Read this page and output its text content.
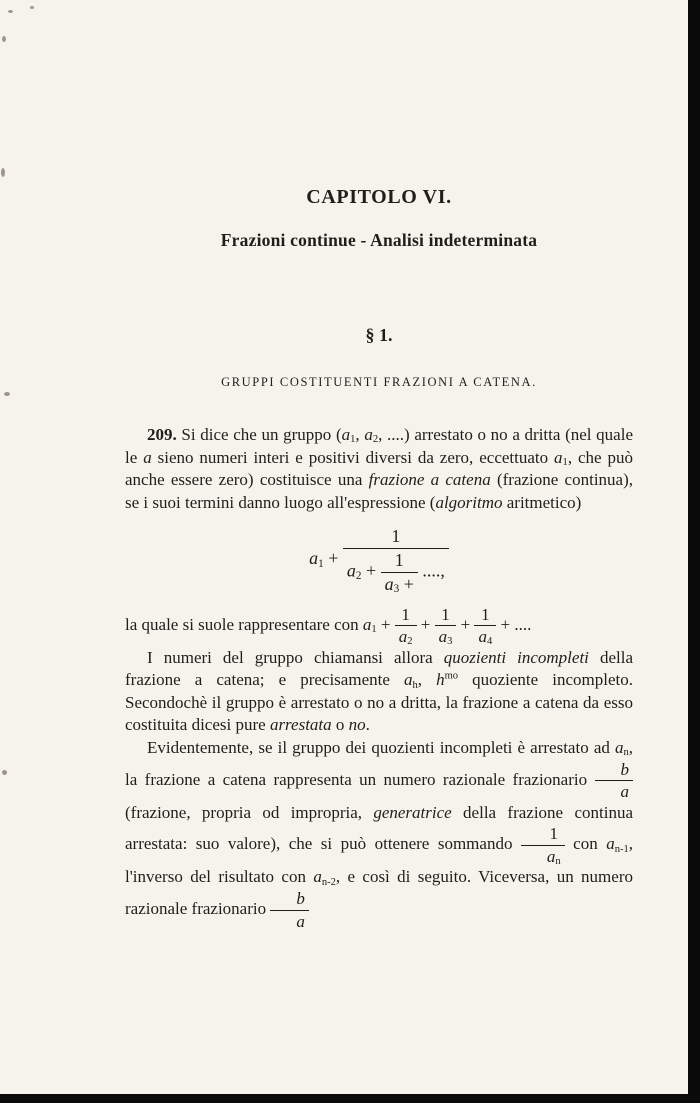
CAPITOLO VI.
Frazioni continue - Analisi indeterminata
§ 1.
GRUPPI COSTITUENTI FRAZIONI A CATENA.

209. Si dice che un gruppo ($a_1$, $a_2$, ....) arrestato o no a dritta (nel quale le a sieno numeri interi e positivi diversi da zero, eccettuato $a_1$, che può anche essere zero) costituisce una frazione a catena (frazione continua), se i suoi termini danno luogo all'espressione (algoritmo aritmetico)

$a_1 + \frac{1}{a_2 + \frac{1}{a_3 +} ....,}$

la quale si suole rappresentare con $a_1 + \frac{1}{a_2} + \frac{1}{a_3} + \frac{1}{a_4}$ + ....

I numeri del gruppo chiamansi allora quozienti incompleti della frazione a catena; e precisamente $a_h$, $h^{mo}$ quoziente incompleto. Secondochè il gruppo è arrestato o no a dritta, la frazione a catena da esso costituita dicesi pure arrestata o no.

Evidentemente, se il gruppo dei quozienti incompleti è arrestato ad $a_n$, la frazione a catena rappresenta un numero razionale frazionario $\frac{b}{a}$
(frazione, propria od impropria, generatrice della frazione continua arrestata: suo valore), che si può ottenere sommando $\frac{1}{a_n}$ con $a_{n-1}$, l'inverso del risultato con $a_{n-2}$, e così di seguito. Viceversa, un numero razionale frazionario $\frac{b}{a}$
